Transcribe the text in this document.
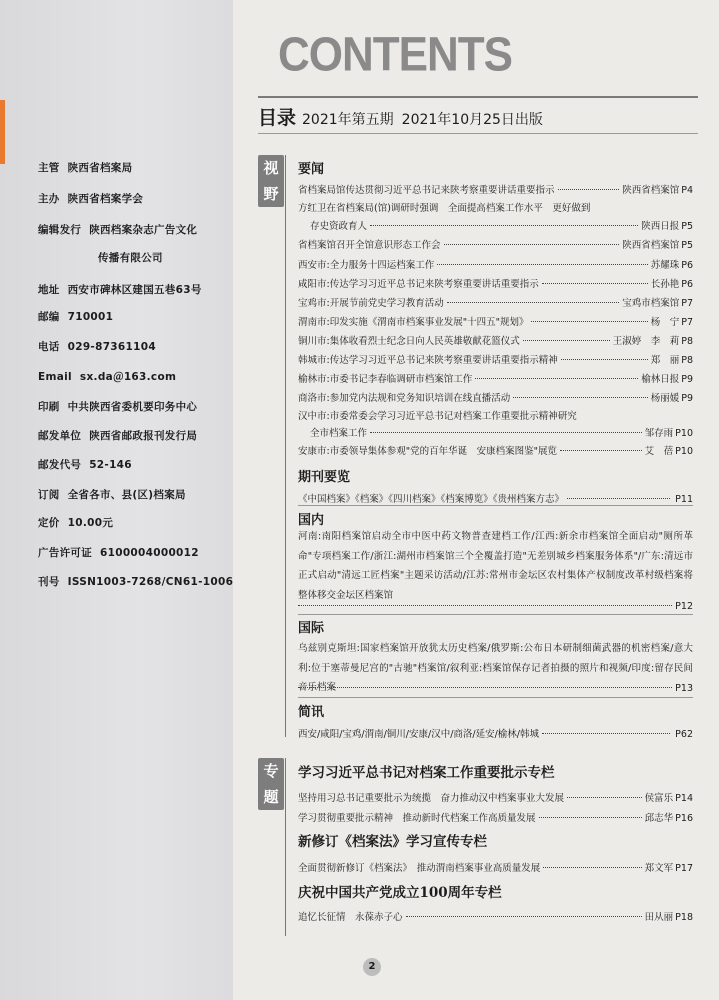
主管 陕西省档案局
主办 陕西省档案学会
编辑发行 陕西档案杂志广告文化
传播有限公司
地址 西安市碑林区建国五巷63号
邮编 710001
电话 029-87361104
Email sx.da＠163.com
印刷 中共陕西省委机要印务中心
邮发单位 陕西省邮政报刊发行局
邮发代号 52-146
订阅 全省各市、县(区)档案局
定价 10.00元
广告许可证 6100004000012
刊号 ISSN1003-7268/CN61-1006
CONTENTS
目录 2021年第五期 2021年10月25日出版
视
野
要闻
省档案局馆传达贯彻习近平总书记来陕考察重要讲话重要指示	陕西省档案馆 P4
方红卫在省档案局(馆)调研时强调　全面提高档案工作水平　更好做到
存史资政育人	陕西日报 P5
省档案馆召开全馆意识形态工作会	陕西省档案馆 P5
西安市:全力服务十四运档案工作	苏耀珠 P6
咸阳市:传达学习习近平总书记来陕考察重要讲话重要指示	长孙艳 P6
宝鸡市:开展节前党史学习教育活动	宝鸡市档案馆 P7
渭南市:印发实施《渭南市档案事业发展"十四五"规划》	杨　宁 P7
铜川市:集体收看烈士纪念日向人民英雄敬献花篮仪式	王淑婷　李　莉 P8
韩城市:传达学习习近平总书记来陕考察重要讲话重要指示精神	郑　丽 P8
榆林市:市委书记李春临调研市档案馆工作	榆林日报 P9
商洛市:参加党内法规和党务知识培训在线直播活动	杨丽媛 P9
汉中市:市委常委会学习习近平总书记对档案工作重要批示精神研究
全市档案工作	邹存雨 P10
安康市:市委领导集体参观"党的百年华诞　安康档案图鉴"展览	艾　蓓 P10
期刊要览
《中国档案》《档案》《四川档案》《档案博览》《贵州档案方志》	P11
国内
河南:南阳档案馆启动全市中医中药文物普查建档工作/江西:新余市档案馆全面启动"厕所革命"专项档案工作/浙江:湖州市档案馆三个全覆盖打造"无差别城乡档案服务体系"/广东:清远市正式启动"清远工匠档案"主题采访活动/江苏:常州市金坛区农村集体产权制度改革村级档案将整体移交金坛区档案馆
P12
国际
乌兹别克斯坦:国家档案馆开放犹太历史档案/俄罗斯:公布日本研制细菌武器的机密档案/意大利:位于塞蒂曼尼宫的"古驰"档案馆/叙利亚:档案馆保存记者拍摄的照片和视频/印度:留存民间音乐档案	P13
简讯
西安/咸阳/宝鸡/渭南/铜川/安康/汉中/商洛/延安/榆林/韩城	P62
专
题
学习习近平总书记对档案工作重要批示专栏
坚持用习总书记重要批示为统揽　奋力推动汉中档案事业大发展	侯富乐 P14
学习贯彻重要批示精神　推动新时代档案工作高质量发展	邱志华 P16
新修订《档案法》学习宣传专栏
全面贯彻新修订《档案法》　推动渭南档案事业高质量发展	郑文军 P17
庆祝中国共产党成立100周年专栏
追忆长征情　永葆赤子心	田从丽 P18
2
